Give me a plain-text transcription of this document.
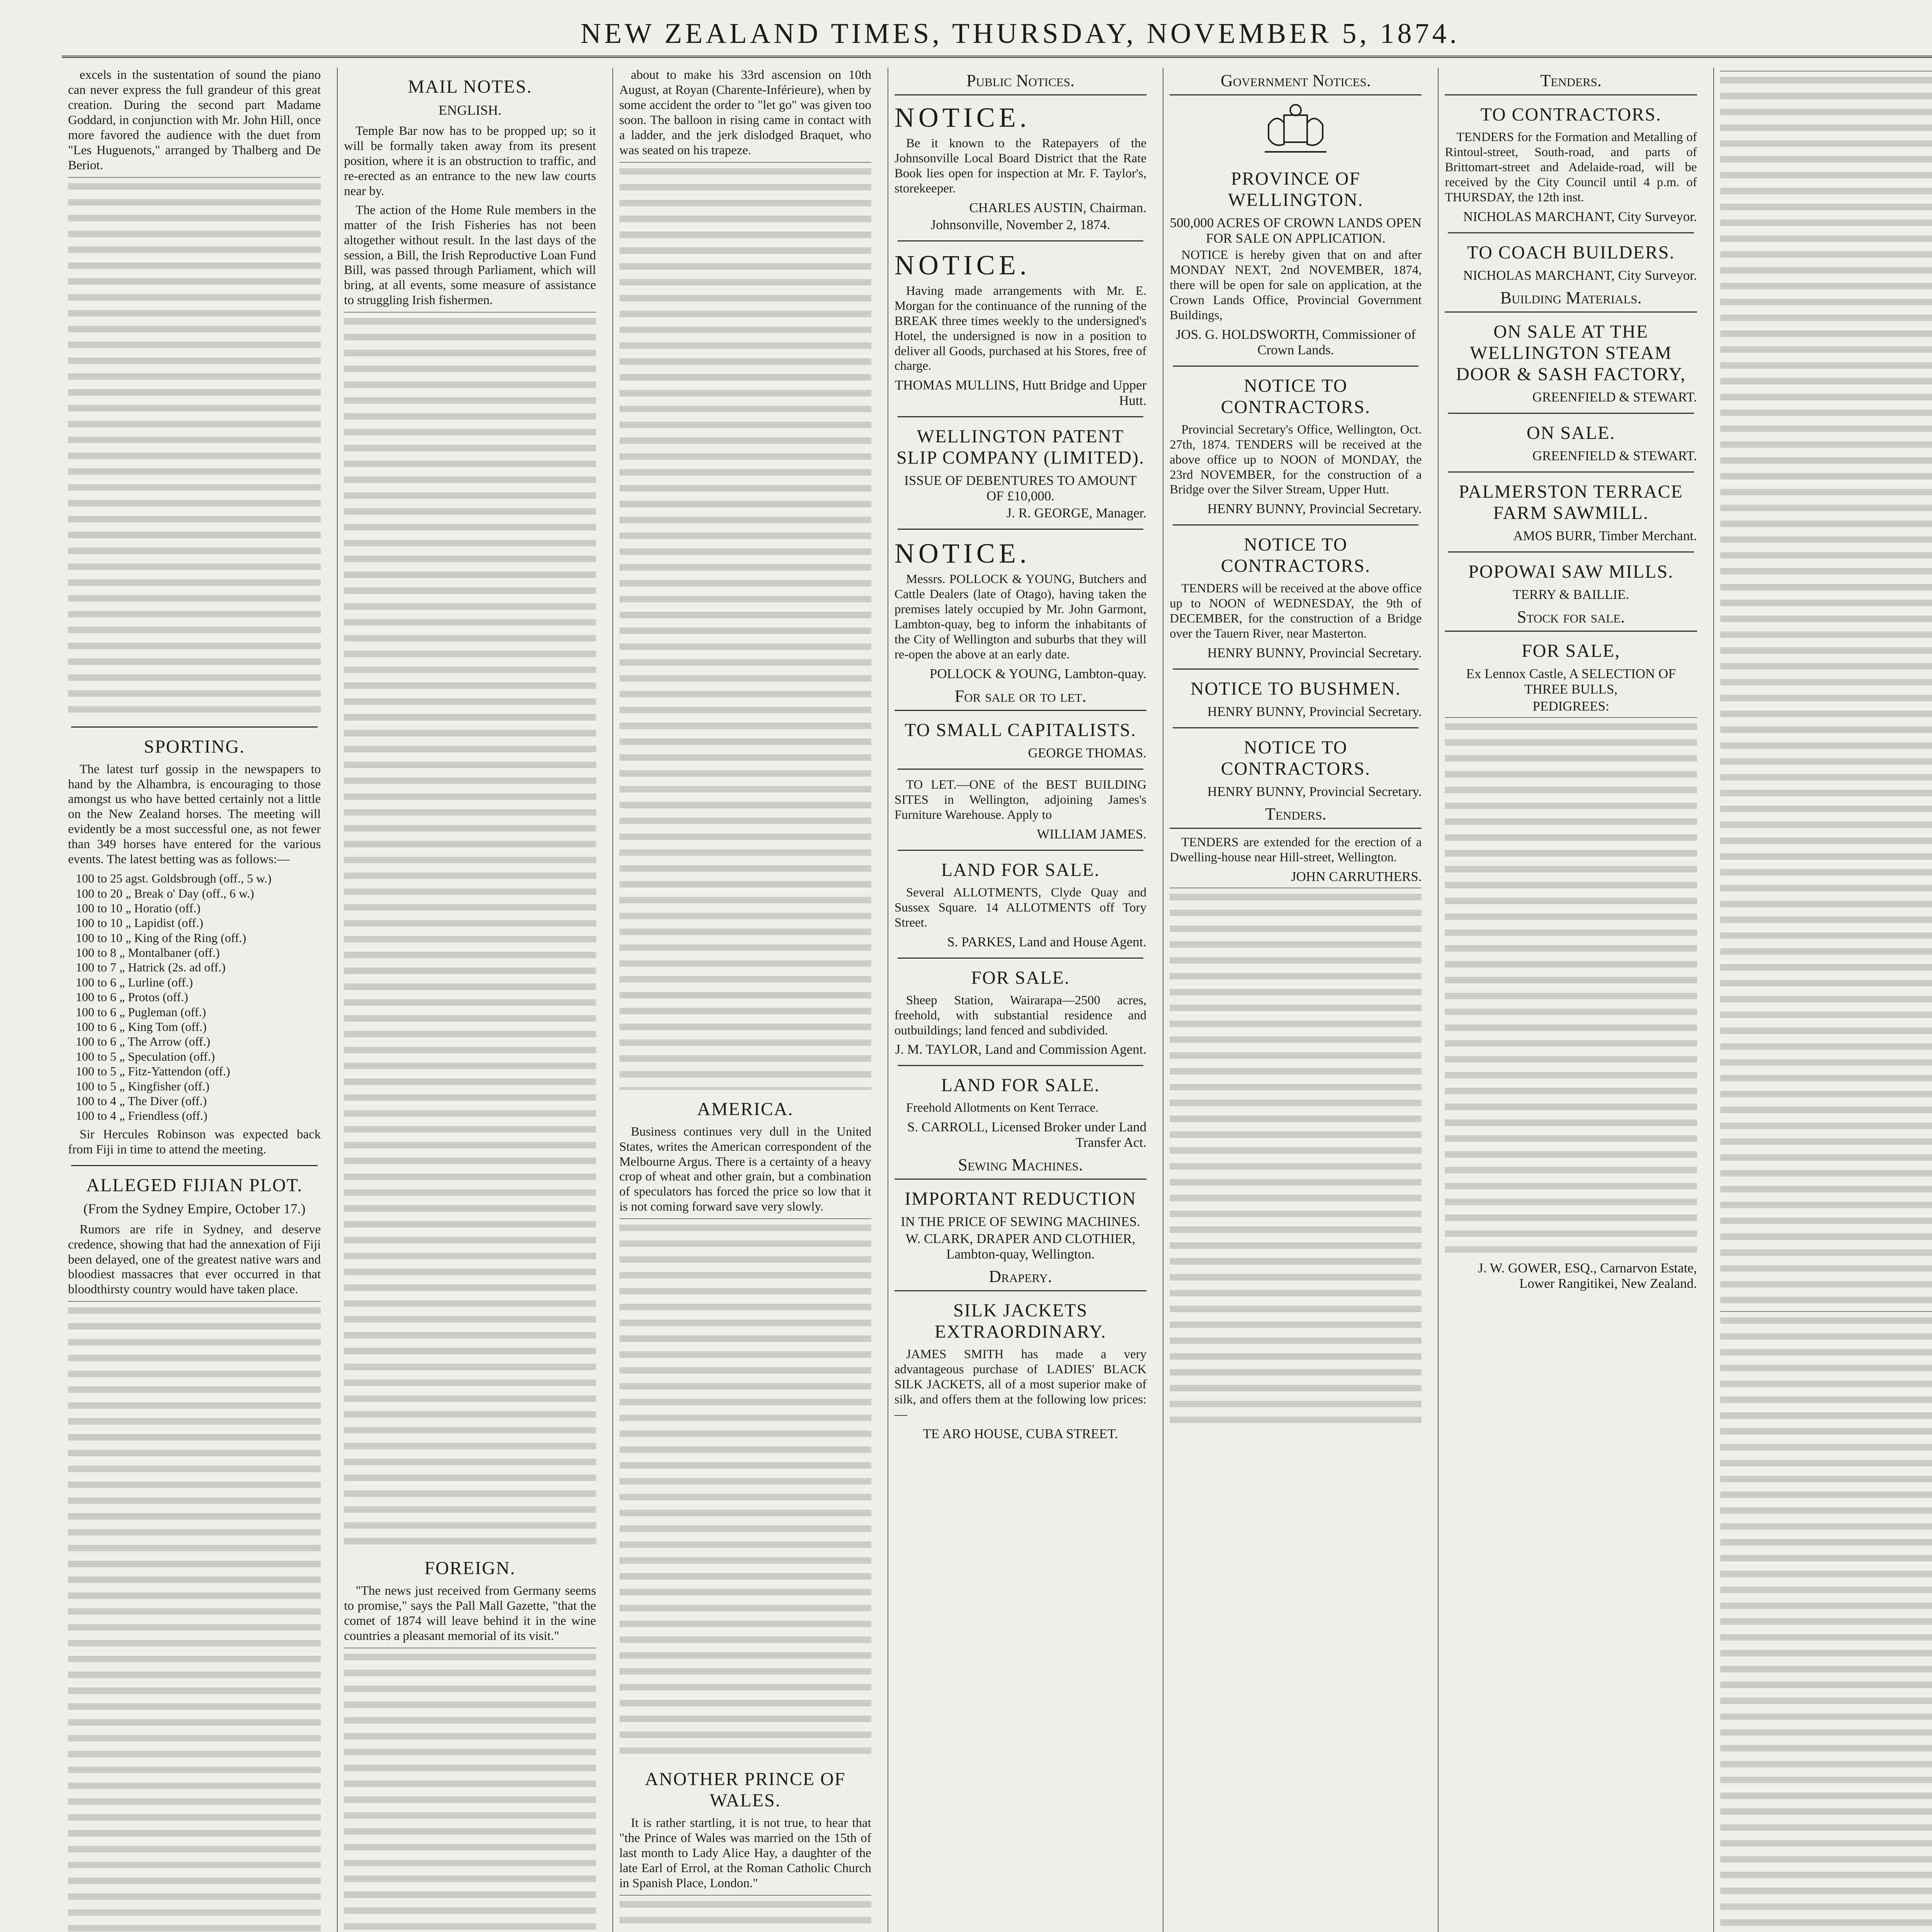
NEW ZEALAND TIMES, THURSDAY, NOVEMBER 5, 1874.

excels in the sustentation of sound the piano can never express the full grandeur of this great creation. During the second part Madame Goddard, in conjunction with Mr. John Hill, once more favored the audience with the duet from "Les Huguenots," arranged by Thalberg and De Beriot.

SPORTING.

The latest turf gossip in the newspapers to hand by the Alhambra, is encouraging to those amongst us who have betted certainly not a little on the New Zealand horses. The meeting will evidently be a most successful one, as not fewer than 349 horses have entered for the various events. The latest betting was as follows:—

100 to 25 agst. Goldsbrough (off., 5 w.)
100 to 20 „ Break o' Day (off., 6 w.)
100 to 10 „ Horatio (off.)
100 to 10 „ Lapidist (off.)
100 to 10 „ King of the Ring (off.)
100 to 8 „ Montalbaner (off.)
100 to 7 „ Hatrick (2s. ad off.)
100 to 6 „ Lurline (off.)
100 to 6 „ Protos (off.)
100 to 6 „ Pugleman (off.)
100 to 6 „ King Tom (off.)
100 to 6 „ The Arrow (off.)
100 to 5 „ Speculation (off.)
100 to 5 „ Fitz-Yattendon (off.)
100 to 5 „ Kingfisher (off.)
100 to 4 „ The Diver (off.)
100 to 4 „ Friendless (off.)

Sir Hercules Robinson was expected back from Fiji in time to attend the meeting.

ALLEGED FIJIAN PLOT.
(From the Sydney Empire, October 17.)

Rumors are rife in Sydney, and deserve credence, showing that had the annexation of Fiji been delayed, one of the greatest native wars and bloodiest massacres that ever occurred in that bloodthirsty country would have taken place.

MAIL NOTES.
ENGLISH.

Temple Bar now has to be propped up; so it will be formally taken away from its present position, where it is an obstruction to traffic, and re-erected as an entrance to the new law courts near by.

The action of the Home Rule members in the matter of the Irish Fisheries has not been altogether without result. In the last days of the session, a Bill, the Irish Reproductive Loan Fund Bill, was passed through Parliament, which will bring, at all events, some measure of assistance to struggling Irish fishermen.

FOREIGN.

"The news just received from Germany seems to promise," says the Pall Mall Gazette, "that the comet of 1874 will leave behind it in the wine countries a pleasant memorial of its visit."

about to make his 33rd ascension on 10th August, at Royan (Charente-Inférieure), when by some accident the order to "let go" was given too soon. The balloon in rising came in contact with a ladder, and the jerk dislodged Braquet, who was seated on his trapeze.

AMERICA.

Business continues very dull in the United States, writes the American correspondent of the Melbourne Argus. There is a certainty of a heavy crop of wheat and other grain, but a combination of speculators has forced the price so low that it is not coming forward save very slowly.

ANOTHER PRINCE OF WALES.

It is rather startling, it is not true, to hear that "the Prince of Wales was married on the 15th of last month to Lady Alice Hay, a daughter of the late Earl of Errol, at the Roman Catholic Church in Spanish Place, London."

Public Notices.
NOTICE.

Be it known to the Ratepayers of the Johnsonville Local Board District that the Rate Book lies open for inspection at Mr. F. Taylor's, storekeeper.

CHARLES AUSTIN, Chairman.

Johnsonville, November 2, 1874.

NOTICE.

Having made arrangements with Mr. E. Morgan for the continuance of the running of the BREAK three times weekly to the undersigned's Hotel, the undersigned is now in a position to deliver all Goods, purchased at his Stores, free of charge.

THOMAS MULLINS, Hutt Bridge and Upper Hutt.

WELLINGTON PATENT SLIP COMPANY (LIMITED).

ISSUE OF DEBENTURES TO AMOUNT OF £10,000.

J. R. GEORGE, Manager.

NOTICE.

Messrs. POLLOCK & YOUNG, Butchers and Cattle Dealers (late of Otago), having taken the premises lately occupied by Mr. John Garmont, Lambton-quay, beg to inform the inhabitants of the City of Wellington and suburbs that they will re-open the above at an early date.

POLLOCK & YOUNG, Lambton-quay.

For sale or to let.
TO SMALL CAPITALISTS.

GEORGE THOMAS.

TO LET.—ONE of the BEST BUILDING SITES in Wellington, adjoining James's Furniture Warehouse. Apply to

WILLIAM JAMES.

LAND FOR SALE.

Several ALLOTMENTS, Clyde Quay and Sussex Square. 14 ALLOTMENTS off Tory Street.

S. PARKES, Land and House Agent.

FOR SALE.

Sheep Station, Wairarapa—2500 acres, freehold, with substantial residence and outbuildings; land fenced and subdivided.

J. M. TAYLOR, Land and Commission Agent.

LAND FOR SALE.

Freehold Allotments on Kent Terrace.

S. CARROLL, Licensed Broker under Land Transfer Act.

Sewing Machines.
IMPORTANT REDUCTION

IN THE PRICE OF SEWING MACHINES.

W. CLARK, DRAPER AND CLOTHIER, Lambton-quay, Wellington.

Drapery.
SILK JACKETS EXTRAORDINARY.

JAMES SMITH has made a very advantageous purchase of LADIES' BLACK SILK JACKETS, all of a most superior make of silk, and offers them at the following low prices:—

TE ARO HOUSE, CUBA STREET.

Government Notices.
PROVINCE OF WELLINGTON.

500,000 ACRES OF CROWN LANDS OPEN FOR SALE ON APPLICATION.

NOTICE is hereby given that on and after MONDAY NEXT, 2nd NOVEMBER, 1874, there will be open for sale on application, at the Crown Lands Office, Provincial Government Buildings,

JOS. G. HOLDSWORTH, Commissioner of Crown Lands.

NOTICE TO CONTRACTORS.

Provincial Secretary's Office, Wellington, Oct. 27th, 1874. TENDERS will be received at the above office up to NOON of MONDAY, the 23rd NOVEMBER, for the construction of a Bridge over the Silver Stream, Upper Hutt.

HENRY BUNNY, Provincial Secretary.

NOTICE TO CONTRACTORS.

TENDERS will be received at the above office up to NOON of WEDNESDAY, the 9th of DECEMBER, for the construction of a Bridge over the Tauern River, near Masterton.

HENRY BUNNY, Provincial Secretary.

NOTICE TO BUSHMEN.

HENRY BUNNY, Provincial Secretary.

NOTICE TO CONTRACTORS.

HENRY BUNNY, Provincial Secretary.

Tenders.

TENDERS are extended for the erection of a Dwelling-house near Hill-street, Wellington.

JOHN CARRUTHERS.

Tenders.
TO CONTRACTORS.

TENDERS for the Formation and Metalling of Rintoul-street, South-road, and parts of Brittomart-street and Adelaide-road, will be received by the City Council until 4 p.m. of THURSDAY, the 12th inst.

NICHOLAS MARCHANT, City Surveyor.

TO COACH BUILDERS.

NICHOLAS MARCHANT, City Surveyor.

Building Materials.
ON SALE AT THE WELLINGTON STEAM DOOR & SASH FACTORY,

GREENFIELD & STEWART.

ON SALE.

GREENFIELD & STEWART.

PALMERSTON TERRACE FARM SAWMILL.

AMOS BURR, Timber Merchant.

POPOWAI SAW MILLS.

TERRY & BAILLIE.

Stock for sale.
FOR SALE,

Ex Lennox Castle, A SELECTION OF THREE BULLS,

PEDIGREES:

J. W. GOWER, ESQ., Carnarvon Estate, Lower Rangitikei, New Zealand.
